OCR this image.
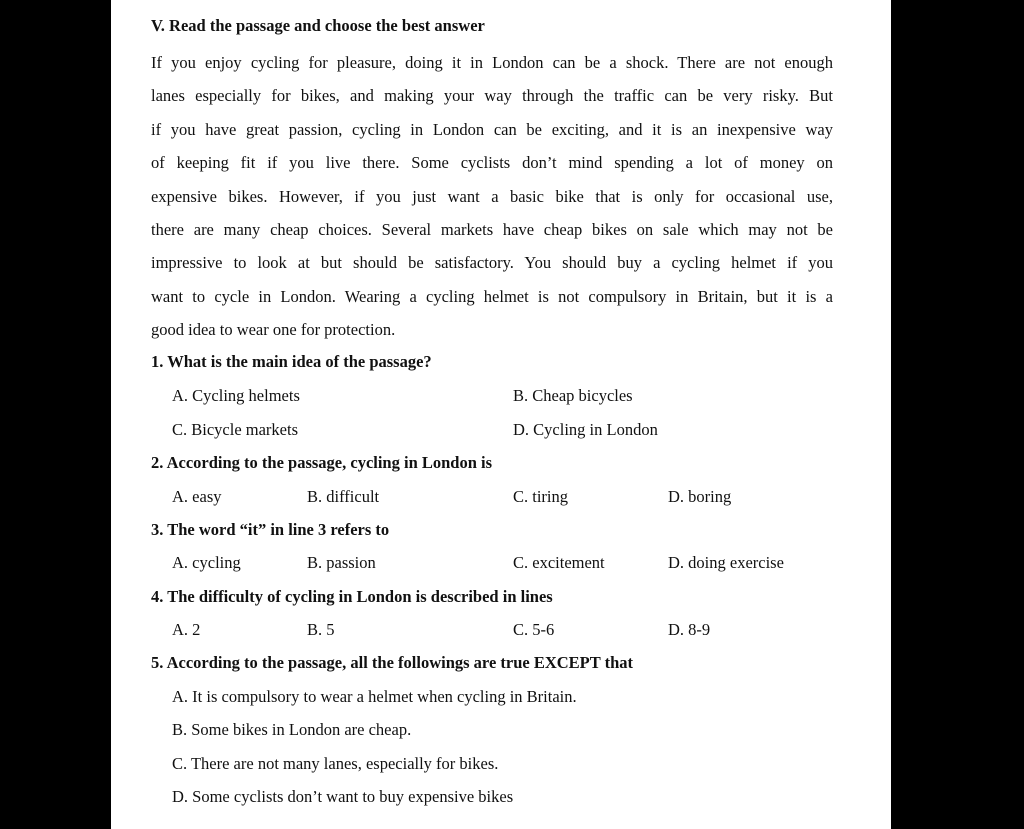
V. Read the passage and choose the best answer
If you enjoy cycling for pleasure, doing it in London can be a shock. There are not enough
lanes especially for bikes, and making your way through the traffic can be very risky. But
if you have great passion, cycling in London can be exciting, and it is an inexpensive way
of keeping fit if you live there. Some cyclists don’t mind spending a lot of money on
expensive bikes. However, if you just want a basic bike that is only for occasional use,
there are many cheap choices. Several markets have cheap bikes on sale which may not be
impressive to look at but should be satisfactory. You should buy a cycling helmet if you
want to cycle in London. Wearing a cycling helmet is not compulsory in Britain, but it is a
good idea to wear one for protection.
1. What is the main idea of the passage?
A. Cycling helmets	B. Cheap bicycles
C. Bicycle markets	D. Cycling in London
2. According to the passage, cycling in London is
A. easy	B. difficult	C. tiring	D. boring
3. The word “it” in line 3 refers to
A. cycling	B. passion	C. excitement	D. doing exercise
4. The difficulty of cycling in London is described in lines
A. 2	B. 5	C. 5-6	D. 8-9
5. According to the passage, all the followings are true EXCEPT that
A. It is compulsory to wear a helmet when cycling in Britain.
B. Some bikes in London are cheap.
C. There are not many lanes, especially for bikes.
D. Some cyclists don’t want to buy expensive bikes
